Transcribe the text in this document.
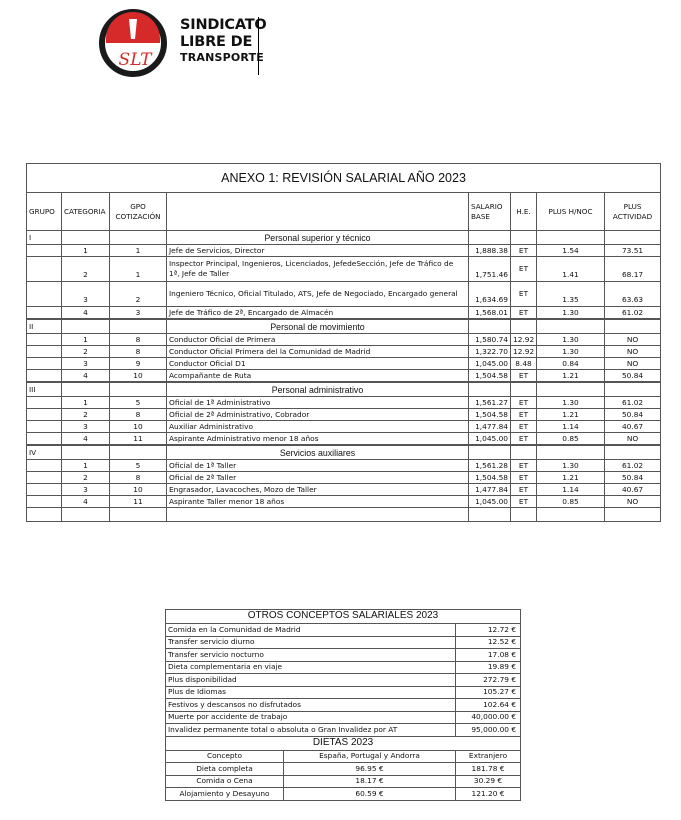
SLT
SINDICATO
LIBRE DE
TRANSPORTE
ANEXO 1: REVISIÓN SALARIAL AÑO 2023							
GRUPO	CATEGORIA	GPO COTIZACIÓN		SALARIO BASE	H.E.	PLUS H/NOC	PLUS ACTIVIDAD
I			Personal superior y técnico				
	1	1	Jefe de Servicios, Director	1,888.38	ET	1.54	73.51
	2	1	Inspector Principal, Ingenieros, Licenciados, JefedeSección, Jefe de Tráfico de 1ª, Jefe de Taller	1,751.46	ET	1.41	68.17
	3	2	Ingeniero Técnico, Oficial Titulado, ATS, Jefe de Negociado, Encargado general	1,634.69	ET	1.35	63.63
	4	3	Jefe de Tráfico de 2ª, Encargado de Almacén	1,568.01	ET	1.30	61.02
II			Personal de movimiento				
	1	8	Conductor Oficial de Primera	1,580.74	12.92	1.30	NO
	2	8	Conductor Oficial Primera del la Comunidad de Madrid	1,322.70	12.92	1.30	NO
	3	9	Conductor Oficial D1	1,045.00	8.48	0.84	NO
	4	10	Acompañante de Ruta	1,504.58	ET	1.21	50.84
III			Personal administrativo				
	1	5	Oficial de 1ª Administrativo	1,561.27	ET	1.30	61.02
	2	8	Oficial de 2ª Administrativo, Cobrador	1,504.58	ET	1.21	50.84
	3	10	Auxiliar Administrativo	1,477.84	ET	1.14	40.67
	4	11	Aspirante Administrativo menor 18 años	1,045.00	ET	0.85	NO
IV			Servicios auxiliares				
	1	5	Oficial de 1ª Taller	1,561.28	ET	1.30	61.02
	2	8	Oficial de 2ª Taller	1,504.58	ET	1.21	50.84
	3	10	Engrasador, Lavacoches, Mozo de Taller	1,477.84	ET	1.14	40.67
	4	11	Aspirante Taller menor 18 años	1,045.00	ET	0.85	NO

OTROS CONCEPTOS SALARIALES 2023		
Comida en la Comunidad de Madrid		12.72 €
Transfer servicio diurno		12.52 €
Transfer servicio nocturno		17.08 €
Dieta complementaria en viaje		19.89 €
Plus disponibilidad		272.79 €
Plus de Idiomas		105.27 €
Festivos y descansos no disfrutados		102.64 €
Muerte por accidente de trabajo		40,000.00 €
Invalidez permanente total o absoluta o Gran Invalidez por AT		95,000.00 €
DIETAS 2023		
Concepto	España, Portugal y Andorra	Extranjero
Dieta completa	96.95 €	181.78 €
Comida o Cena	18.17 €	30.29 €
Alojamiento y Desayuno	60.59 €	121.20 €
